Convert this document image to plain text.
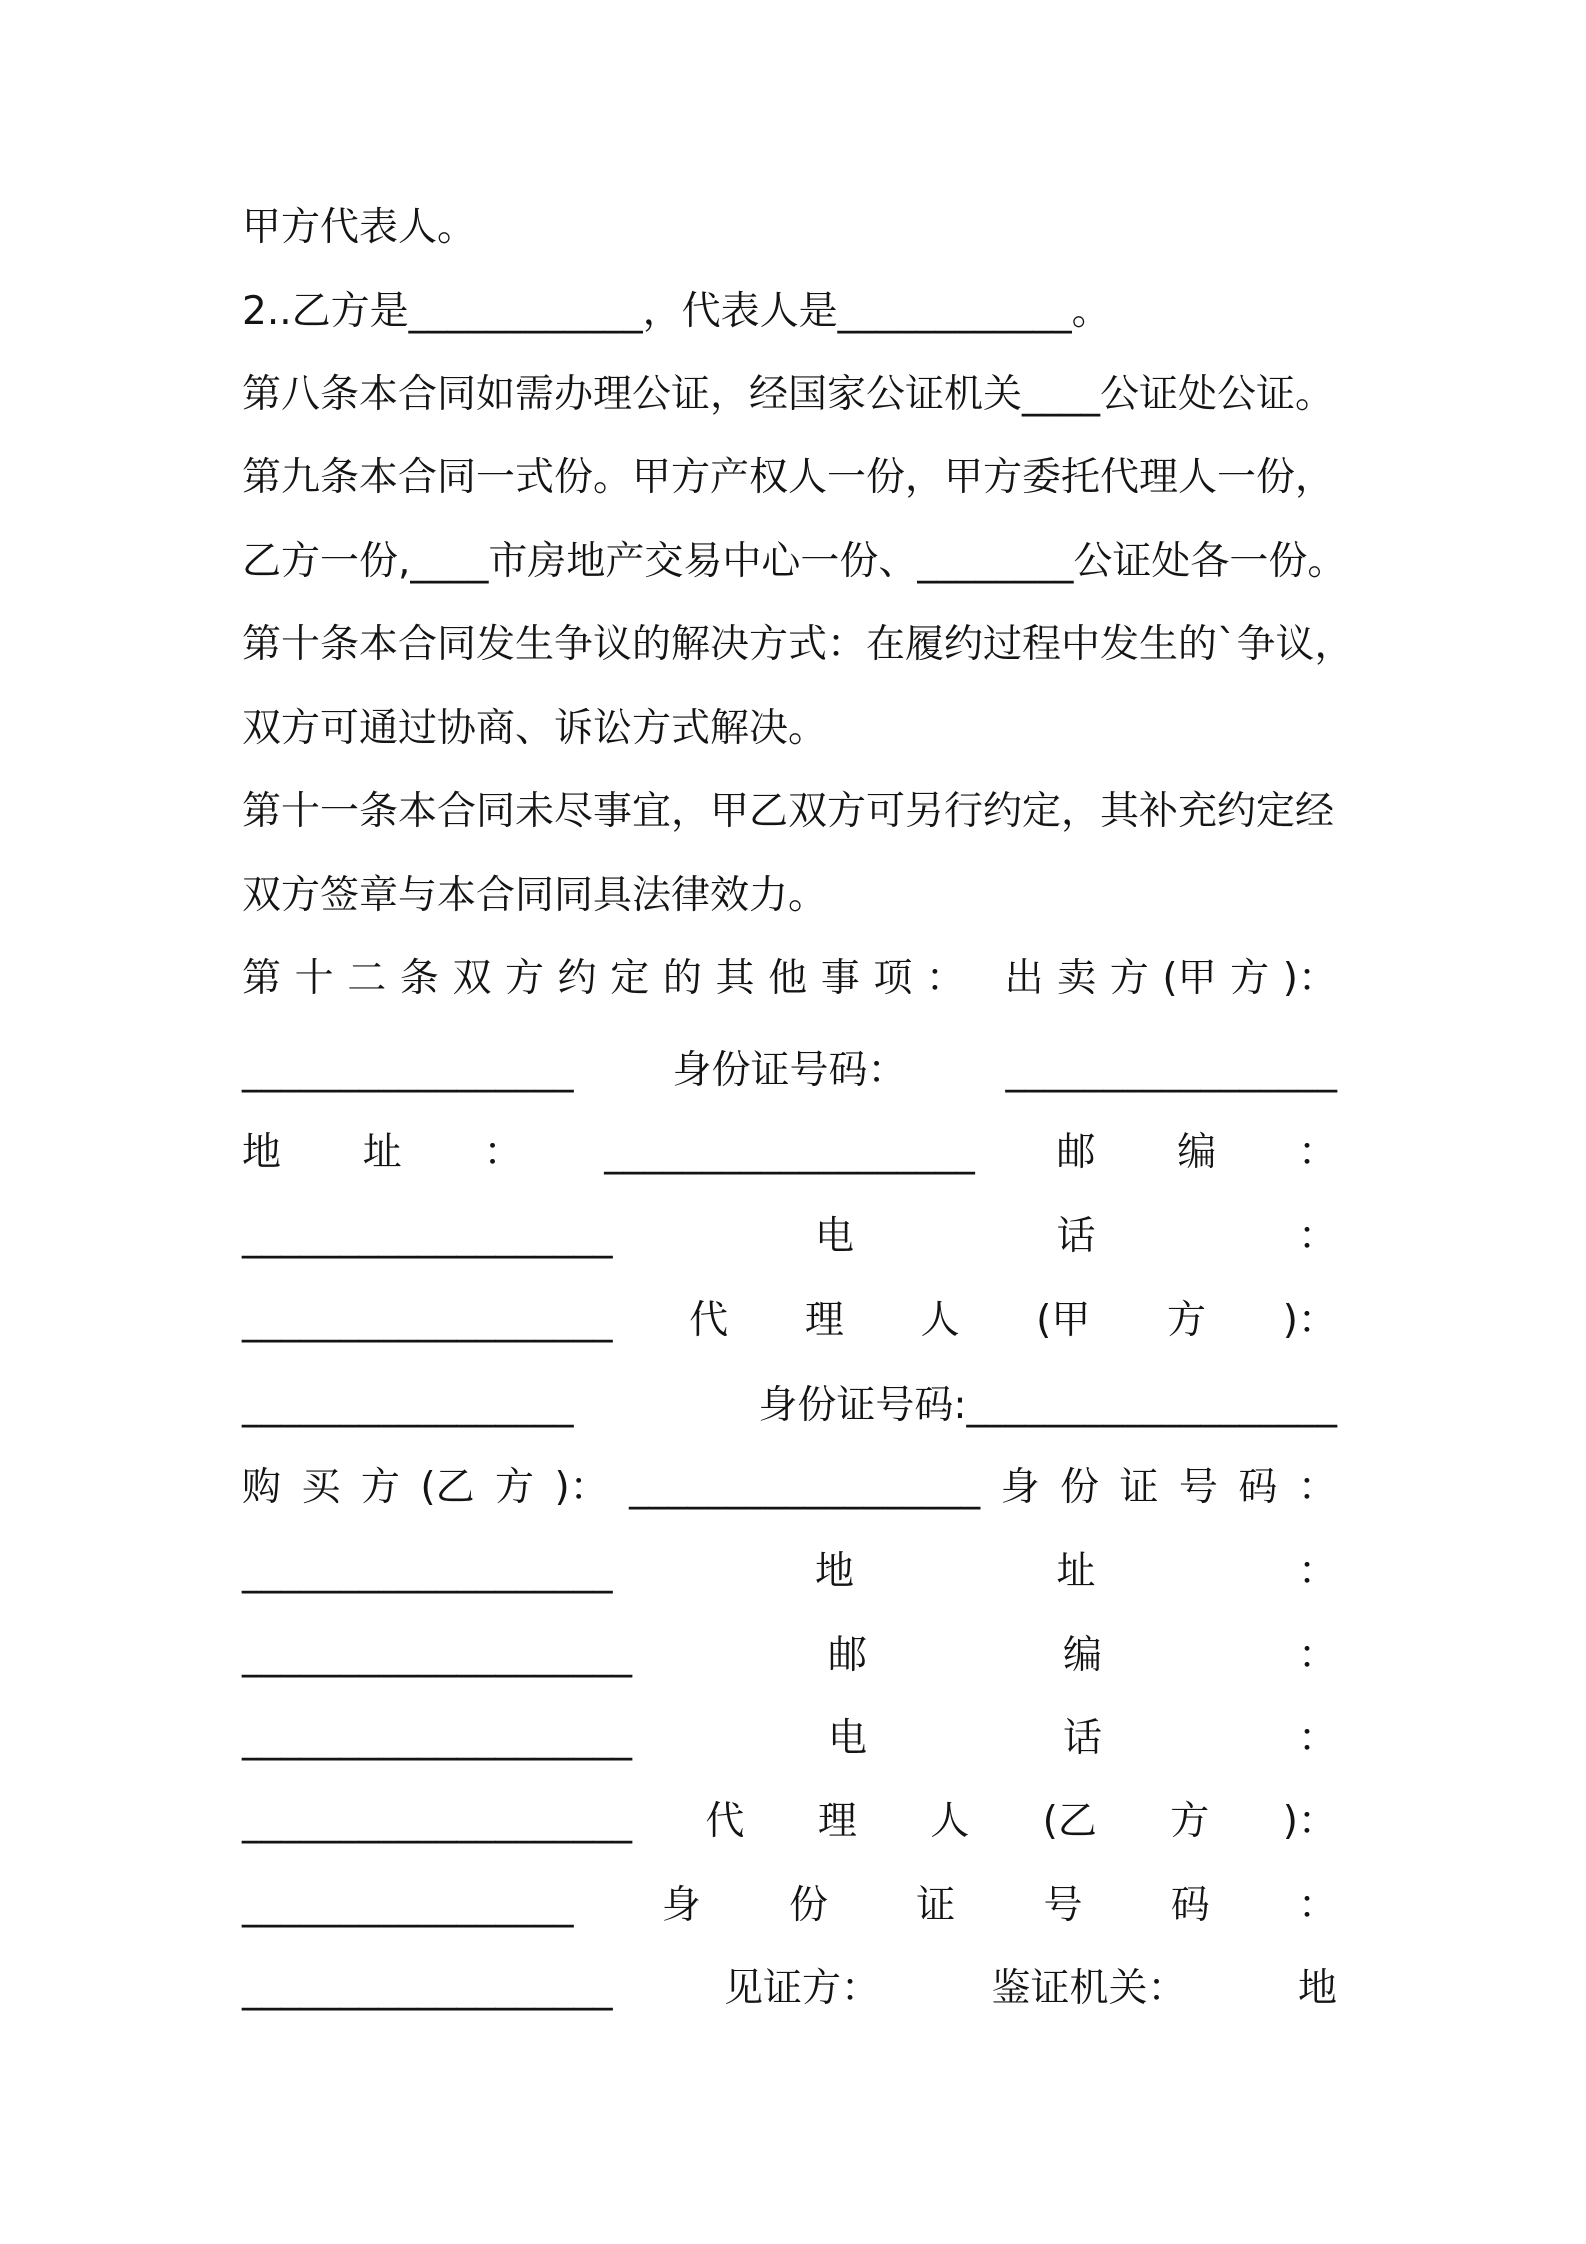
甲方代表人。
2..乙方是____________，代表人是____________。
第八条本合同如需办理公证，经国家公证机关____公证处公证。
第九条本合同一式份。甲方产权人一份，甲方委托代理人一份，
乙方一份,____市房地产交易中心一份、________公证处各一份。
第十条本合同发生争议的解决方式：在履约过程中发生的`争议，
双方可通过协商、诉讼方式解决。
第十一条本合同未尽事宜，甲乙双方可另行约定，其补充约定经
双方签章与本合同同具法律效力。
第 十 二 条 双 方 约 定 的 其 他 事 项 ：
出 卖 方 (甲 方 )：
_________________	身份证号码：	_________________
地 址 ： ___________________ 邮 编 ：
___________________	电	话	：
___________________ 代 理 人 (甲 方 )：
_________________	身份证号码:___________________
购 买 方 (乙 方 )： __________________ 身 份 证 号 码 ：
___________________	地	址	：
____________________	邮	编	：
____________________	电	话	：
____________________ 代 理 人 (乙 方 )：
_________________ 身 份 证 号 码 ：
___________________	见证方：	鉴证机关：	地
